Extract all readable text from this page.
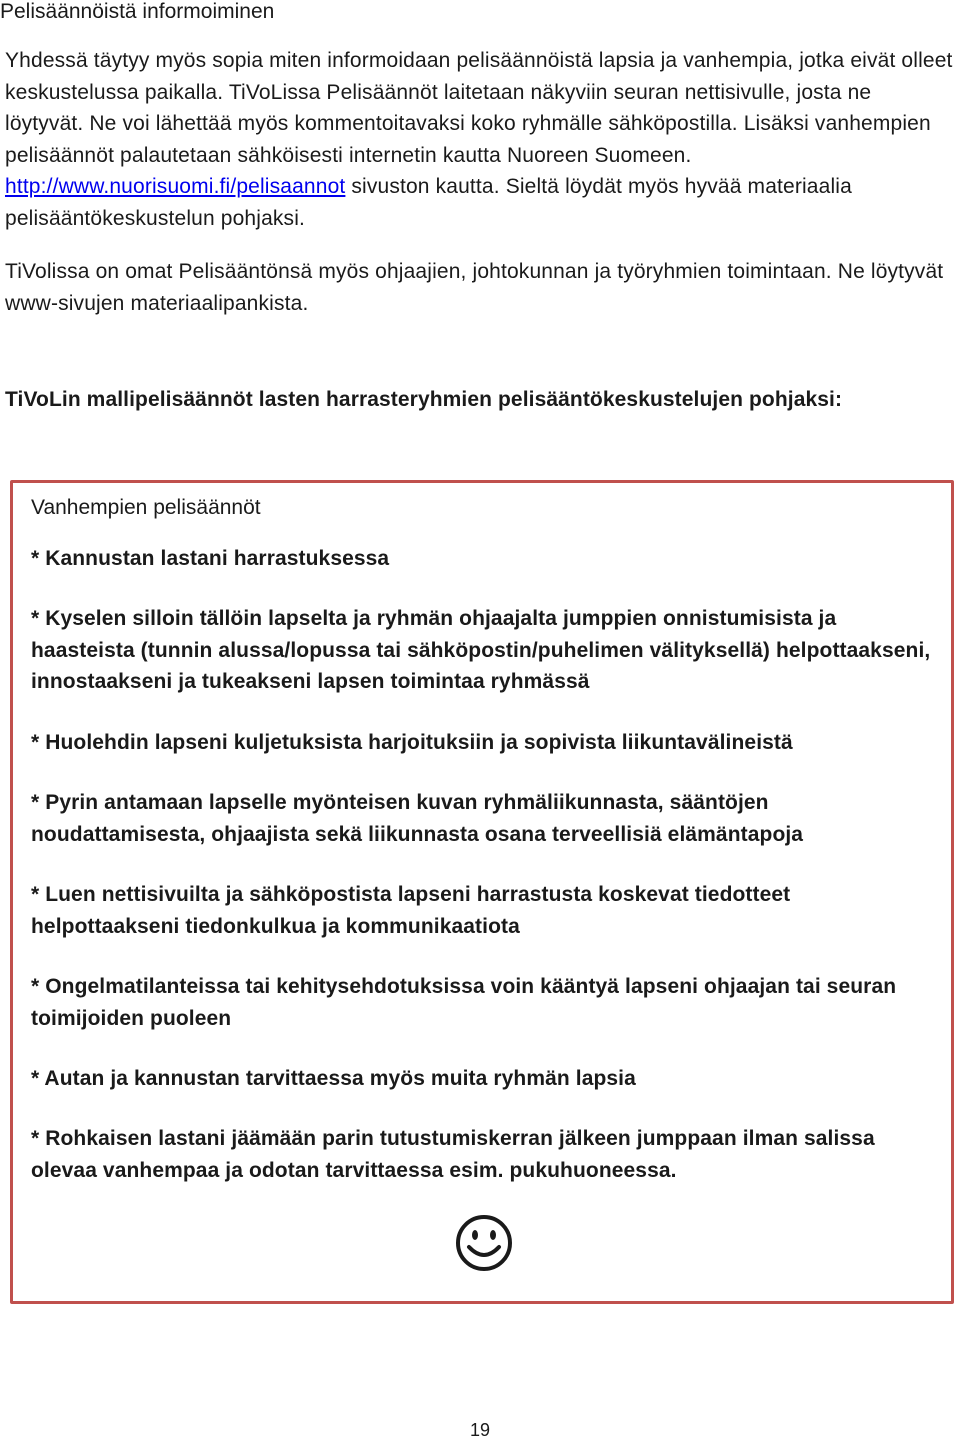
Pelisäännöistä informoiminen

Yhdessä täytyy myös sopia miten informoidaan pelisäännöistä lapsia ja vanhempia, jotka eivät olleet keskustelussa paikalla. TiVoLissa Pelisäännöt laitetaan näkyviin seuran nettisivulle, josta ne löytyvät. Ne voi lähettää myös kommentoitavaksi koko ryhmälle sähköpostilla. Lisäksi vanhempien pelisäännöt palautetaan sähköisesti internetin kautta Nuoreen Suomeen. http://www.nuorisuomi.fi/pelisaannot sivuston kautta. Sieltä löydät myös hyvää materiaalia pelisääntökeskustelun pohjaksi.

TiVolissa on omat Pelisääntönsä myös ohjaajien, johtokunnan ja työryhmien toimintaan. Ne löytyvät www-sivujen materiaalipankista.

TiVoLin mallipelisäännöt lasten harrasteryhmien pelisääntökeskustelujen pohjaksi:

Vanhempien pelisäännöt

* Kannustan lastani harrastuksessa

* Kyselen silloin tällöin lapselta ja ryhmän ohjaajalta jumppien onnistumisista ja haasteista (tunnin alussa/lopussa tai sähköpostin/puhelimen välityksellä) helpottaakseni, innostaakseni ja tukeakseni lapsen toimintaa ryhmässä

* Huolehdin lapseni kuljetuksista harjoituksiin ja sopivista liikuntavälineistä

* Pyrin antamaan lapselle myönteisen kuvan ryhmäliikunnasta, sääntöjen noudattamisesta, ohjaajista sekä liikunnasta osana terveellisiä elämäntapoja

* Luen nettisivuilta ja sähköpostista lapseni harrastusta koskevat tiedotteet helpottaakseni tiedonkulkua ja kommunikaatiota

* Ongelmatilanteissa tai kehitysehdotuksissa voin kääntyä lapseni ohjaajan tai seuran toimijoiden puoleen

* Autan ja kannustan tarvittaessa myös muita ryhmän lapsia

* Rohkaisen lastani jäämään parin tutustumiskerran jälkeen jumppaan ilman salissa olevaa vanhempaa ja odotan tarvittaessa esim. pukuhuoneessa.

19
